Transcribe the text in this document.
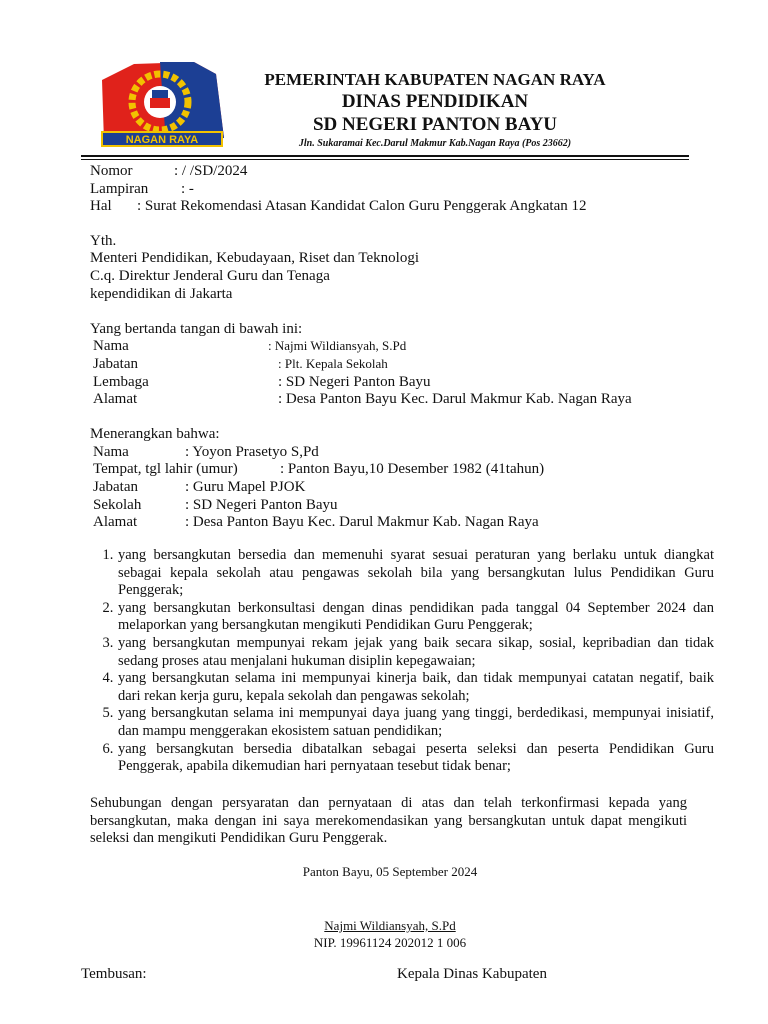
NAGAN RAYA
PEMERINTAH KABUPATEN NAGAN RAYA
DINAS PENDIDIKAN
SD NEGERI PANTON BAYU
Jln. Sukaramai Kec.Darul Makmur Kab.Nagan Raya (Pos 23662)
Nomor	: / /SD/2024
Lampiran : -
Hal : Surat Rekomendasi Atasan Kandidat Calon Guru Penggerak Angkatan 12
Yth.
Menteri Pendidikan, Kebudayaan, Riset dan Teknologi
C.q. Direktur Jenderal Guru dan Tenaga
kependidikan di Jakarta
Yang bertanda tangan di bawah ini:
Nama	: Najmi Wildiansyah, S.Pd
Jabatan	: Plt. Kepala Sekolah
Lembaga	: SD Negeri Panton Bayu
Alamat	: Desa Panton Bayu Kec. Darul Makmur Kab. Nagan Raya
Menerangkan bahwa:
Nama	: Yoyon Prasetyo S,Pd
Tempat, tgl lahir (umur)	: Panton Bayu,10 Desember 1982 (41tahun)
Jabatan	: Guru Mapel PJOK
Sekolah	: SD Negeri Panton Bayu
Alamat	: Desa Panton Bayu Kec. Darul Makmur Kab. Nagan Raya
1. yang bersangkutan bersedia dan memenuhi syarat sesuai peraturan yang berlaku untuk diangkat sebagai kepala sekolah atau pengawas sekolah bila yang bersangkutan lulus Pendidikan Guru Penggerak;
2. yang bersangkutan berkonsultasi dengan dinas pendidikan pada tanggal 04 September 2024 dan melaporkan yang bersangkutan mengikuti Pendidikan Guru Penggerak;
3. yang bersangkutan mempunyai rekam jejak yang baik secara sikap, sosial, kepribadian dan tidak sedang proses atau menjalani hukuman disiplin kepegawaian;
4. yang bersangkutan selama ini mempunyai kinerja baik, dan tidak mempunyai catatan negatif, baik dari rekan kerja guru, kepala sekolah dan pengawas sekolah;
5. yang bersangkutan selama ini mempunyai daya juang yang tinggi, berdedikasi, mempunyai inisiatif, dan mampu menggerakan ekosistem satuan pendidikan;
6. yang bersangkutan bersedia dibatalkan sebagai peserta seleksi dan peserta Pendidikan Guru Penggerak, apabila dikemudian hari pernyataan tesebut tidak benar;
Sehubungan dengan persyaratan dan pernyataan di atas dan telah terkonfirmasi kepada yang bersangkutan, maka dengan ini saya merekomendasikan yang bersangkutan untuk dapat mengikuti seleksi dan mengikuti Pendidikan Guru Penggerak.
Panton Bayu, 05 September 2024
Najmi Wildiansyah, S.Pd
NIP. 19961124 202012 1 006
Tembusan:	Kepala Dinas Kabupaten
